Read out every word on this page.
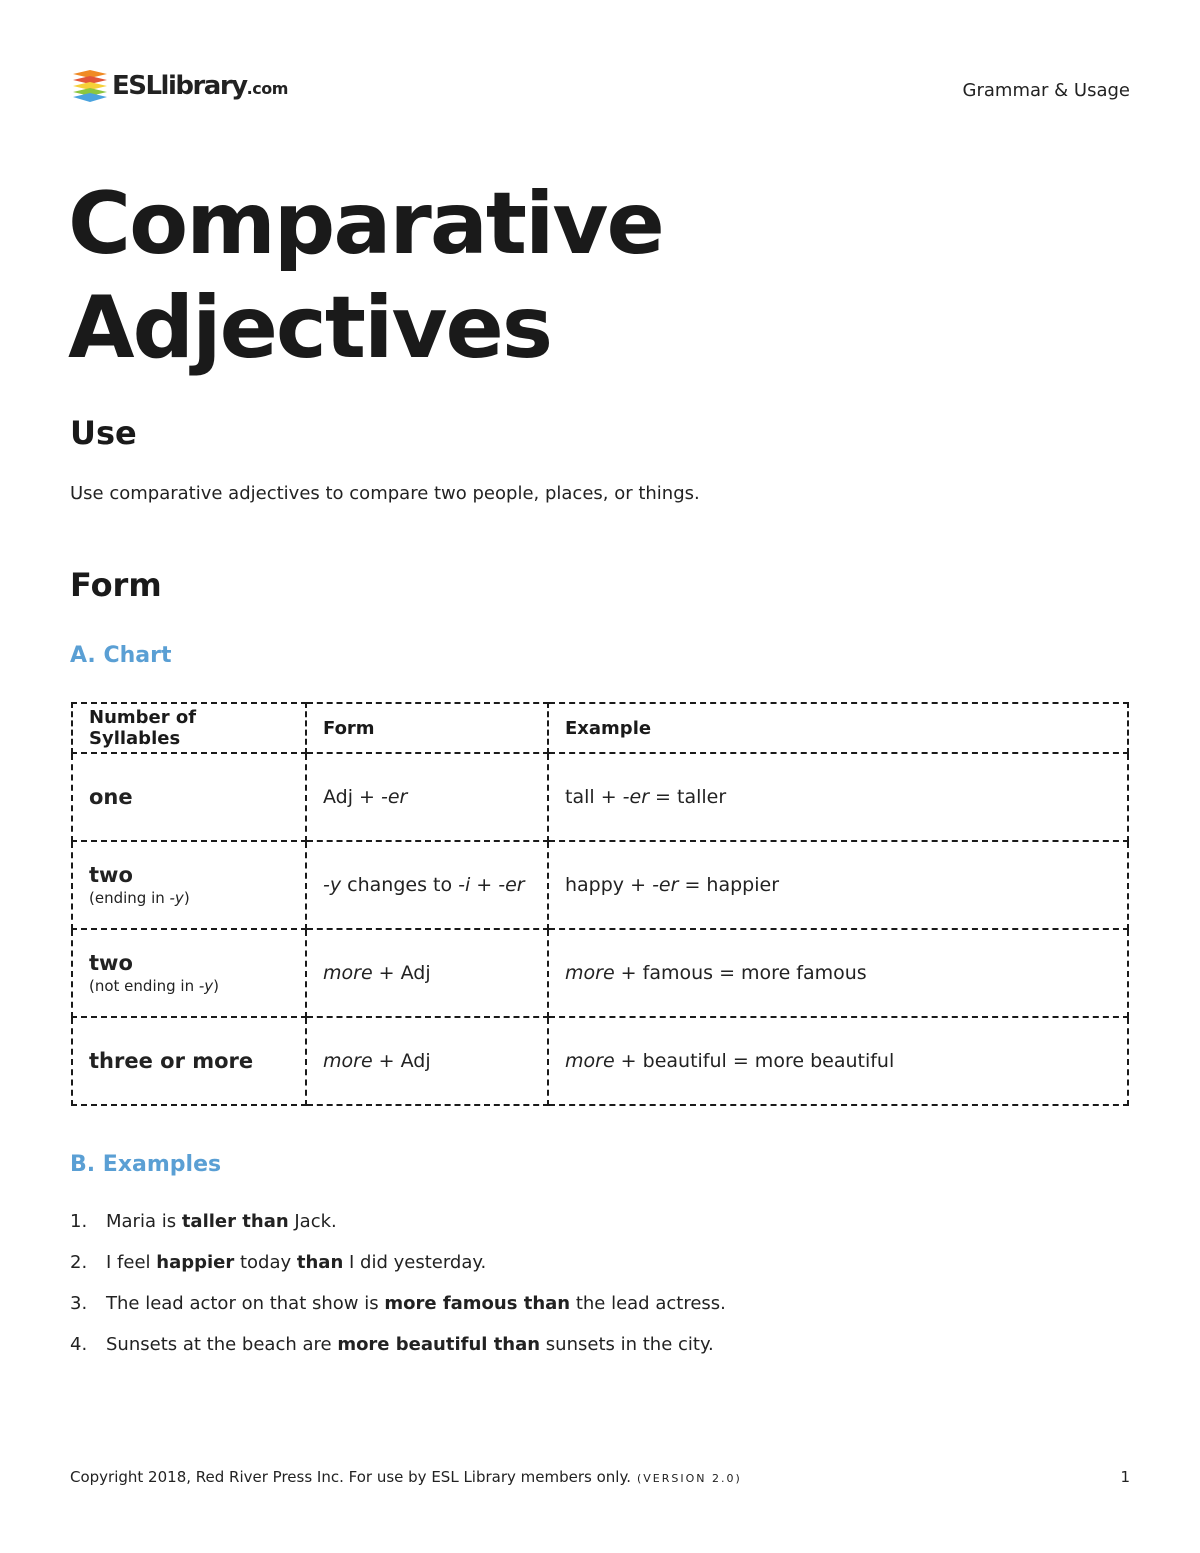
ESLlibrary.com	Grammar & Usage
Comparative
Adjectives
Use

Use comparative adjectives to compare two people, places, or things.

Form
A. Chart
Number of Syllables	Form	Example

one	Adj + -er	tall + -er = taller

two
(ending in -y)	-y changes to -i + -er	happy + -er = happier

two
(not ending in -y)	more + Adj	more + famous = more famous

three or more	more + Adj	more + beautiful = more beautiful
B. Examples
1.	Maria is taller than Jack.
2.	I feel happier today than I did yesterday.
3.	The lead actor on that show is more famous than the lead actress.
4.	Sunsets at the beach are more beautiful than sunsets in the city.
Copyright 2018, Red River Press Inc. For use by ESL Library members only. (VERSION 2.0)	1
